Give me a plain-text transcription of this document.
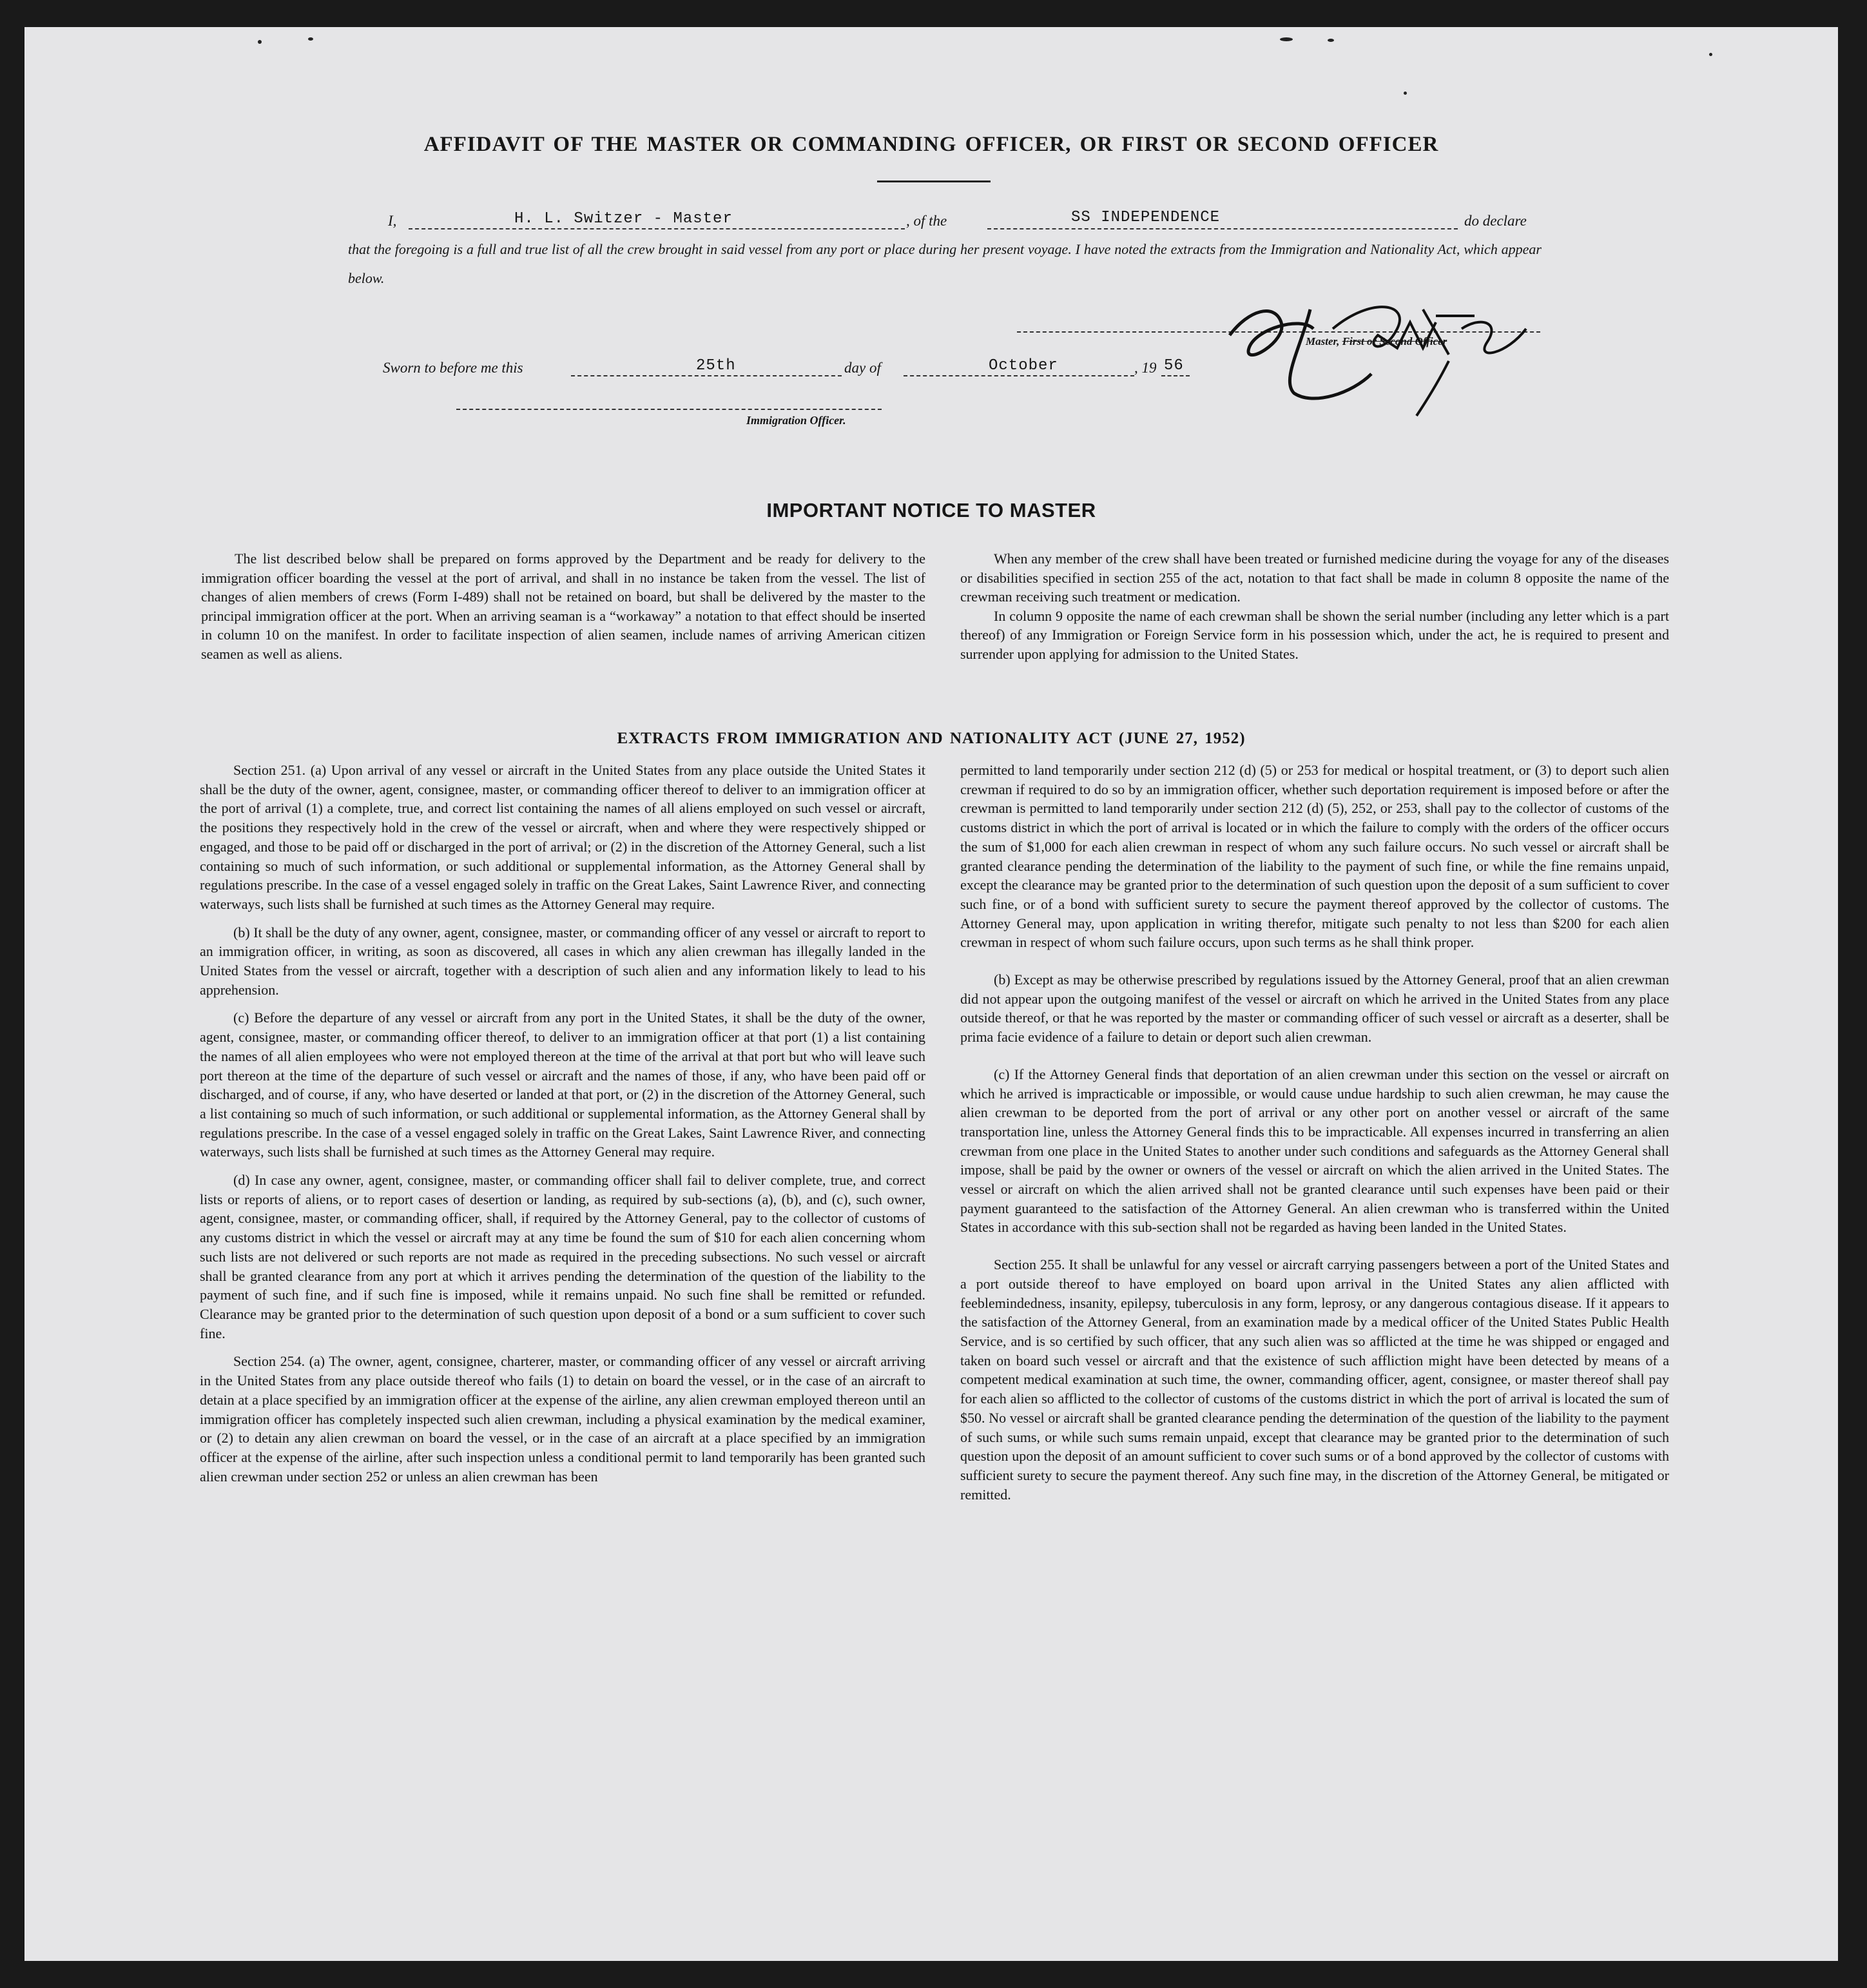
AFFIDAVIT OF THE MASTER OR COMMANDING OFFICER, OR FIRST OR SECOND OFFICER
I,	H. L. Switzer - Master	, of the	SS INDEPENDENCE	do declare
that the foregoing is a full and true list of all the crew brought in said vessel from any port or place during her present voyage. I have noted the extracts from the Immigration and Nationality Act, which appear below.
Master, First or Second Officer
Sworn to before me this	25th	day of	October	, 19 56
Immigration Officer.
IMPORTANT NOTICE TO MASTER

The list described below shall be prepared on forms approved by the Department and be ready for delivery to the immigration officer boarding the vessel at the port of arrival, and shall in no instance be taken from the vessel. The list of changes of alien members of crews (Form I-489) shall not be retained on board, but shall be delivered by the master to the principal immigration officer at the port. When an arriving seaman is a “workaway” a notation to that effect should be inserted in column 10 on the manifest. In order to facilitate inspection of alien seamen, include names of arriving American citizen seamen as well as aliens.

When any member of the crew shall have been treated or furnished medicine during the voyage for any of the diseases or disabilities specified in section 255 of the act, notation to that fact shall be made in column 8 opposite the name of the crewman receiving such treatment or medication.

In column 9 opposite the name of each crewman shall be shown the serial number (including any letter which is a part thereof) of any Immigration or Foreign Service form in his possession which, under the act, he is required to present and surrender upon applying for admission to the United States.

EXTRACTS FROM IMMIGRATION AND NATIONALITY ACT (JUNE 27, 1952)

Section 251. (a) Upon arrival of any vessel or aircraft in the United States from any place outside the United States it shall be the duty of the owner, agent, consignee, master, or commanding officer thereof to deliver to an immigration officer at the port of arrival (1) a complete, true, and correct list containing the names of all aliens employed on such vessel or aircraft, the positions they respectively hold in the crew of the vessel or aircraft, when and where they were respectively shipped or engaged, and those to be paid off or discharged in the port of arrival; or (2) in the discretion of the Attorney General, such a list containing so much of such information, or such additional or supplemental information, as the Attorney General shall by regulations prescribe. In the case of a vessel engaged solely in traffic on the Great Lakes, Saint Lawrence River, and connecting waterways, such lists shall be furnished at such times as the Attorney General may require.

(b) It shall be the duty of any owner, agent, consignee, master, or commanding officer of any vessel or aircraft to report to an immigration officer, in writing, as soon as discovered, all cases in which any alien crewman has illegally landed in the United States from the vessel or aircraft, together with a description of such alien and any information likely to lead to his apprehension.

(c) Before the departure of any vessel or aircraft from any port in the United States, it shall be the duty of the owner, agent, consignee, master, or commanding officer thereof, to deliver to an immigration officer at that port (1) a list containing the names of all alien employees who were not employed thereon at the time of the arrival at that port but who will leave such port thereon at the time of the departure of such vessel or aircraft and the names of those, if any, who have been paid off or discharged, and of course, if any, who have deserted or landed at that port, or (2) in the discretion of the Attorney General, such a list containing so much of such information, or such additional or supplemental information, as the Attorney General shall by regulations prescribe. In the case of a vessel engaged solely in traffic on the Great Lakes, Saint Lawrence River, and connecting waterways, such lists shall be furnished at such times as the Attorney General may require.

(d) In case any owner, agent, consignee, master, or commanding officer shall fail to deliver complete, true, and correct lists or reports of aliens, or to report cases of desertion or landing, as required by sub-sections (a), (b), and (c), such owner, agent, consignee, master, or commanding officer, shall, if required by the Attorney General, pay to the collector of customs of any customs district in which the vessel or aircraft may at any time be found the sum of $10 for each alien concerning whom such lists are not delivered or such reports are not made as required in the preceding subsections. No such vessel or aircraft shall be granted clearance from any port at which it arrives pending the determination of the question of the liability to the payment of such fine, and if such fine is imposed, while it remains unpaid. No such fine shall be remitted or refunded. Clearance may be granted prior to the determination of such question upon deposit of a bond or a sum sufficient to cover such fine.

Section 254. (a) The owner, agent, consignee, charterer, master, or commanding officer of any vessel or aircraft arriving in the United States from any place outside thereof who fails (1) to detain on board the vessel, or in the case of an aircraft to detain at a place specified by an immigration officer at the expense of the airline, any alien crewman employed thereon until an immigration officer has completely inspected such alien crewman, including a physical examination by the medical examiner, or (2) to detain any alien crewman on board the vessel, or in the case of an aircraft at a place specified by an immigration officer at the expense of the airline, after such inspection unless a conditional permit to land temporarily has been granted such alien crewman under section 252 or unless an alien crewman has been

permitted to land temporarily under section 212 (d) (5) or 253 for medical or hospital treatment, or (3) to deport such alien crewman if required to do so by an immigration officer, whether such deportation requirement is imposed before or after the crewman is permitted to land temporarily under section 212 (d) (5), 252, or 253, shall pay to the collector of customs of the customs district in which the port of arrival is located or in which the failure to comply with the orders of the officer occurs the sum of $1,000 for each alien crewman in respect of whom any such failure occurs. No such vessel or aircraft shall be granted clearance pending the determination of the liability to the payment of such fine, or while the fine remains unpaid, except the clearance may be granted prior to the determination of such question upon the deposit of a sum sufficient to cover such fine, or of a bond with sufficient surety to secure the payment thereof approved by the collector of customs. The Attorney General may, upon application in writing therefor, mitigate such penalty to not less than $200 for each alien crewman in respect of whom such failure occurs, upon such terms as he shall think proper.

(b) Except as may be otherwise prescribed by regulations issued by the Attorney General, proof that an alien crewman did not appear upon the outgoing manifest of the vessel or aircraft on which he arrived in the United States from any place outside thereof, or that he was reported by the master or commanding officer of such vessel or aircraft as a deserter, shall be prima facie evidence of a failure to detain or deport such alien crewman.

(c) If the Attorney General finds that deportation of an alien crewman under this section on the vessel or aircraft on which he arrived is impracticable or impossible, or would cause undue hardship to such alien crewman, he may cause the alien crewman to be deported from the port of arrival or any other port on another vessel or aircraft of the same transportation line, unless the Attorney General finds this to be impracticable. All expenses incurred in transferring an alien crewman from one place in the United States to another under such conditions and safeguards as the Attorney General shall impose, shall be paid by the owner or owners of the vessel or aircraft on which the alien arrived in the United States. The vessel or aircraft on which the alien arrived shall not be granted clearance until such expenses have been paid or their payment guaranteed to the satisfaction of the Attorney General. An alien crewman who is transferred within the United States in accordance with this sub-section shall not be regarded as having been landed in the United States.

Section 255. It shall be unlawful for any vessel or aircraft carrying passengers between a port of the United States and a port outside thereof to have employed on board upon arrival in the United States any alien afflicted with feeblemindedness, insanity, epilepsy, tuberculosis in any form, leprosy, or any dangerous contagious disease. If it appears to the satisfaction of the Attorney General, from an examination made by a medical officer of the United States Public Health Service, and is so certified by such officer, that any such alien was so afflicted at the time he was shipped or engaged and taken on board such vessel or aircraft and that the existence of such affliction might have been detected by means of a competent medical examination at such time, the owner, commanding officer, agent, consignee, or master thereof shall pay for each alien so afflicted to the collector of customs of the customs district in which the port of arrival is located the sum of $50. No vessel or aircraft shall be granted clearance pending the determination of the question of the liability to the payment of such sums, or while such sums remain unpaid, except that clearance may be granted prior to the determination of such question upon the deposit of an amount sufficient to cover such sums or of a bond approved by the collector of customs with sufficient surety to secure the payment thereof. Any such fine may, in the discretion of the Attorney General, be mitigated or remitted.
